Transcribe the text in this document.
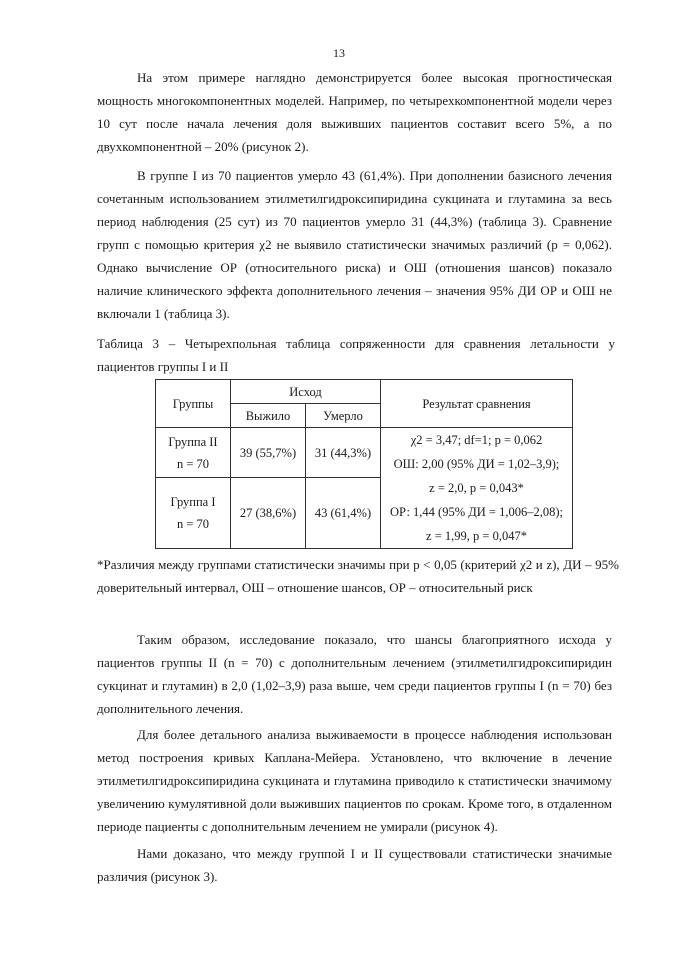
13

На этом примере наглядно демонстрируется более высокая прогностическая мощность многокомпонентных моделей. Например, по четырехкомпонентной модели через 10 сут после начала лечения доля выживших пациентов составит всего 5%, а по двухкомпонентной – 20% (рисунок 2).

В группе I из 70 пациентов умерло 43 (61,4%). При дополнении базисного лечения сочетанным использованием этилметилгидроксипиридина сукцината и глутамина за весь период наблюдения (25 сут) из 70 пациентов умерло 31 (44,3%) (таблица 3). Сравнение групп с помощью критерия χ2 не выявило статистически значимых различий (р = 0,062). Однако вычисление ОР (относительного риска) и ОШ (отношения шансов) показало наличие клинического эффекта дополнительного лечения – значения 95% ДИ ОР и ОШ не включали 1 (таблица 3).

Таблица 3 – Четырехпольная таблица сопряженности для сравнения летальности у пациентов группы I и II

Группы	Исход		Результат сравнения
	Выжило	Умерло	

Группа II
n = 70	39 (55,7%)	31 (44,3%)	χ2 = 3,47; df=1; p = 0,062
ОШ: 2,00 (95% ДИ = 1,02–3,9);
z = 2,0, p = 0,043*
ОР: 1,44 (95% ДИ = 1,006–2,08);
z = 1,99, p = 0,047*

Группа I
n = 70	27 (38,6%)	43 (61,4%)	

*Различия между группами статистически значимы при р < 0,05 (критерий χ2 и z), ДИ – 95% доверительный интервал, ОШ – отношение шансов, ОР – относительный риск

Таким образом, исследование показало, что шансы благоприятного исхода у пациентов группы II (n = 70) с дополнительным лечением (этилметилгидроксипиридин сукцинат и глутамин) в 2,0 (1,02–3,9) раза выше, чем среди пациентов группы I (n = 70) без дополнительного лечения.

Для более детального анализа выживаемости в процессе наблюдения использован метод построения кривых Каплана-Мейера. Установлено, что включение в лечение этилметилгидроксипиридина сукцината и глутамина приводило к статистически значимому увеличению кумулятивной доли выживших пациентов по срокам. Кроме того, в отдаленном периоде пациенты с дополнительным лечением не умирали (рисунок 4).

Нами доказано, что между группой I и II существовали статистически значимые различия (рисунок 3).
